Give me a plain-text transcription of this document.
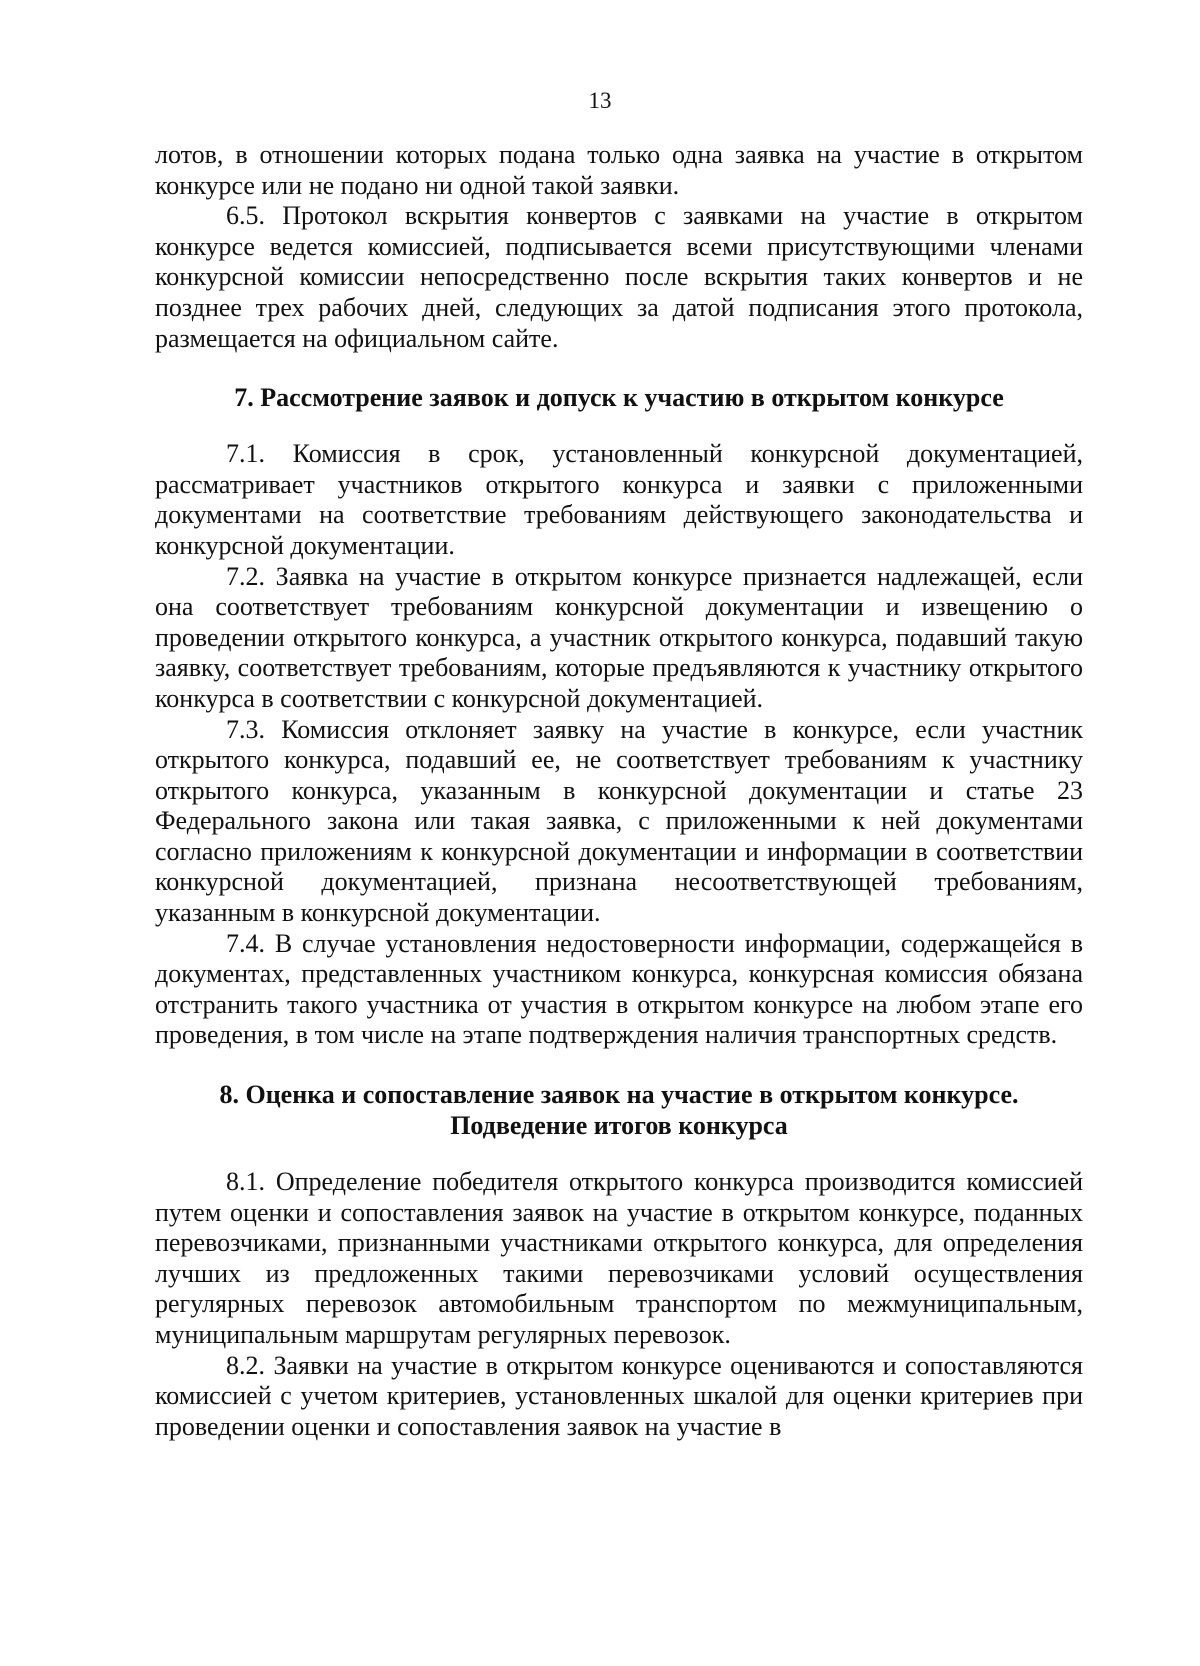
13

лотов, в отношении которых подана только одна заявка на участие в открытом конкурсе или не подано ни одной такой заявки.

6.5. Протокол вскрытия конвертов с заявками на участие в открытом конкурсе ведется комиссией, подписывается всеми присутствующими членами конкурсной комиссии непосредственно после вскрытия таких конвертов и не позднее трех рабочих дней, следующих за датой подписания этого протокола, размещается на официальном сайте.

7. Рассмотрение заявок и допуск к участию в открытом конкурсе

7.1. Комиссия в срок, установленный конкурсной документацией, рассматривает участников открытого конкурса и заявки с приложенными документами на соответствие требованиям действующего законодательства и конкурсной документации.

7.2. Заявка на участие в открытом конкурсе признается надлежащей, если она соответствует требованиям конкурсной документации и извещению о проведении открытого конкурса, а участник открытого конкурса, подавший такую заявку, соответствует требованиям, которые предъявляются к участнику открытого конкурса в соответствии с конкурсной документацией.

7.3. Комиссия отклоняет заявку на участие в конкурсе, если участник открытого конкурса, подавший ее, не соответствует требованиям к участнику открытого конкурса, указанным в конкурсной документации и статье 23 Федерального закона или такая заявка, с приложенными к ней документами согласно приложениям к конкурсной документации и информации в соответствии конкурсной документацией, признана несоответствующей требованиям, указанным в конкурсной документации.

7.4. В случае установления недостоверности информации, содержащейся в документах, представленных участником конкурса, конкурсная комиссия обязана отстранить такого участника от участия в открытом конкурсе на любом этапе его проведения, в том числе на этапе подтверждения наличия транспортных средств.

8. Оценка и сопоставление заявок на участие в открытом конкурсе.
Подведение итогов конкурса

8.1. Определение победителя открытого конкурса производится комиссией путем оценки и сопоставления заявок на участие в открытом конкурсе, поданных перевозчиками, признанными участниками открытого конкурса, для определения лучших из предложенных такими перевозчиками условий осуществления регулярных перевозок автомобильным транспортом по межмуниципальным, муниципальным маршрутам регулярных перевозок.

8.2. Заявки на участие в открытом конкурсе оцениваются и сопоставляются комиссией с учетом критериев, установленных шкалой для оценки критериев при проведении оценки и сопоставления заявок на участие в
